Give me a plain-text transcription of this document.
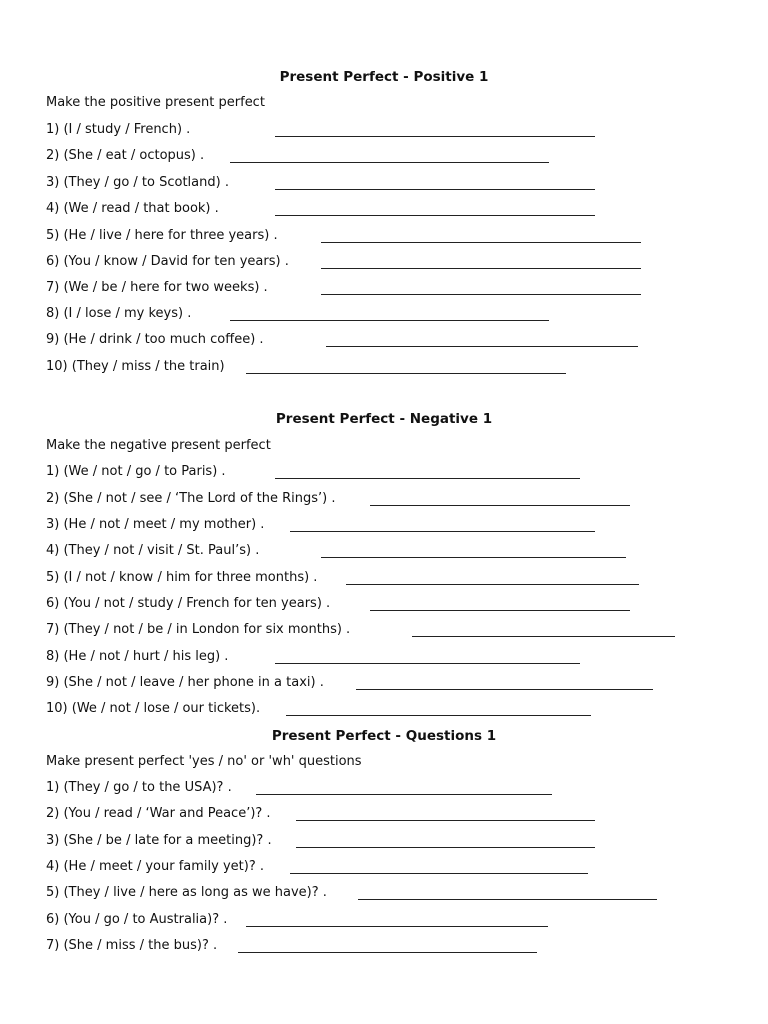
Present Perfect - Positive 1
Make the positive present perfect
1) (I / study / French) .
2) (She / eat / octopus) .
3) (They / go / to Scotland) .
4) (We / read / that book) .
5) (He / live / here for three years) .
6) (You / know / David for ten years) .
7) (We / be / here for two weeks) .
8) (I / lose / my keys) .
9) (He / drink / too much coffee) .
10) (They / miss / the train)
Present Perfect - Negative 1
Make the negative present perfect
1) (We / not / go / to Paris) .
2) (She / not / see / ‘The Lord of the Rings’) .
3) (He / not / meet / my mother) .
4) (They / not / visit / St. Paul’s) .
5) (I / not / know / him for three months) .
6) (You / not / study / French for ten years) .
7) (They / not / be / in London for six months) .
8) (He / not / hurt / his leg) .
9) (She / not / leave / her phone in a taxi) .
10) (We / not / lose / our tickets).
Present Perfect - Questions 1
Make present perfect 'yes / no' or 'wh' questions
1) (They / go / to the USA)? .
2) (You / read / ‘War and Peace’)? .
3) (She / be / late for a meeting)? .
4) (He / meet / your family yet)? .
5) (They / live / here as long as we have)? .
6) (You / go / to Australia)? .
7) (She / miss / the bus)? .
